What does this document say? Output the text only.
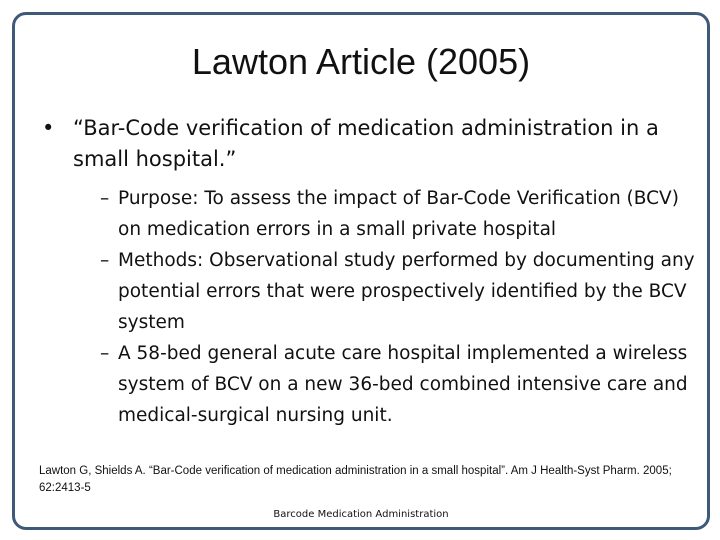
Lawton Article (2005)
• “Bar-Code verification of medication administration in a small hospital.”
– Purpose: To assess the impact of Bar-Code Verification (BCV) on medication errors in a small private hospital
– Methods: Observational study performed by documenting any potential errors that were prospectively identified by the BCV system
– A 58-bed general acute care hospital implemented a wireless system of BCV on a new 36-bed combined intensive care and medical-surgical nursing unit.
Lawton G, Shields A. “Bar-Code verification of medication administration in a small hospital”. Am J Health-Syst Pharm. 2005; 62:2413-5
Barcode Medication Administration
